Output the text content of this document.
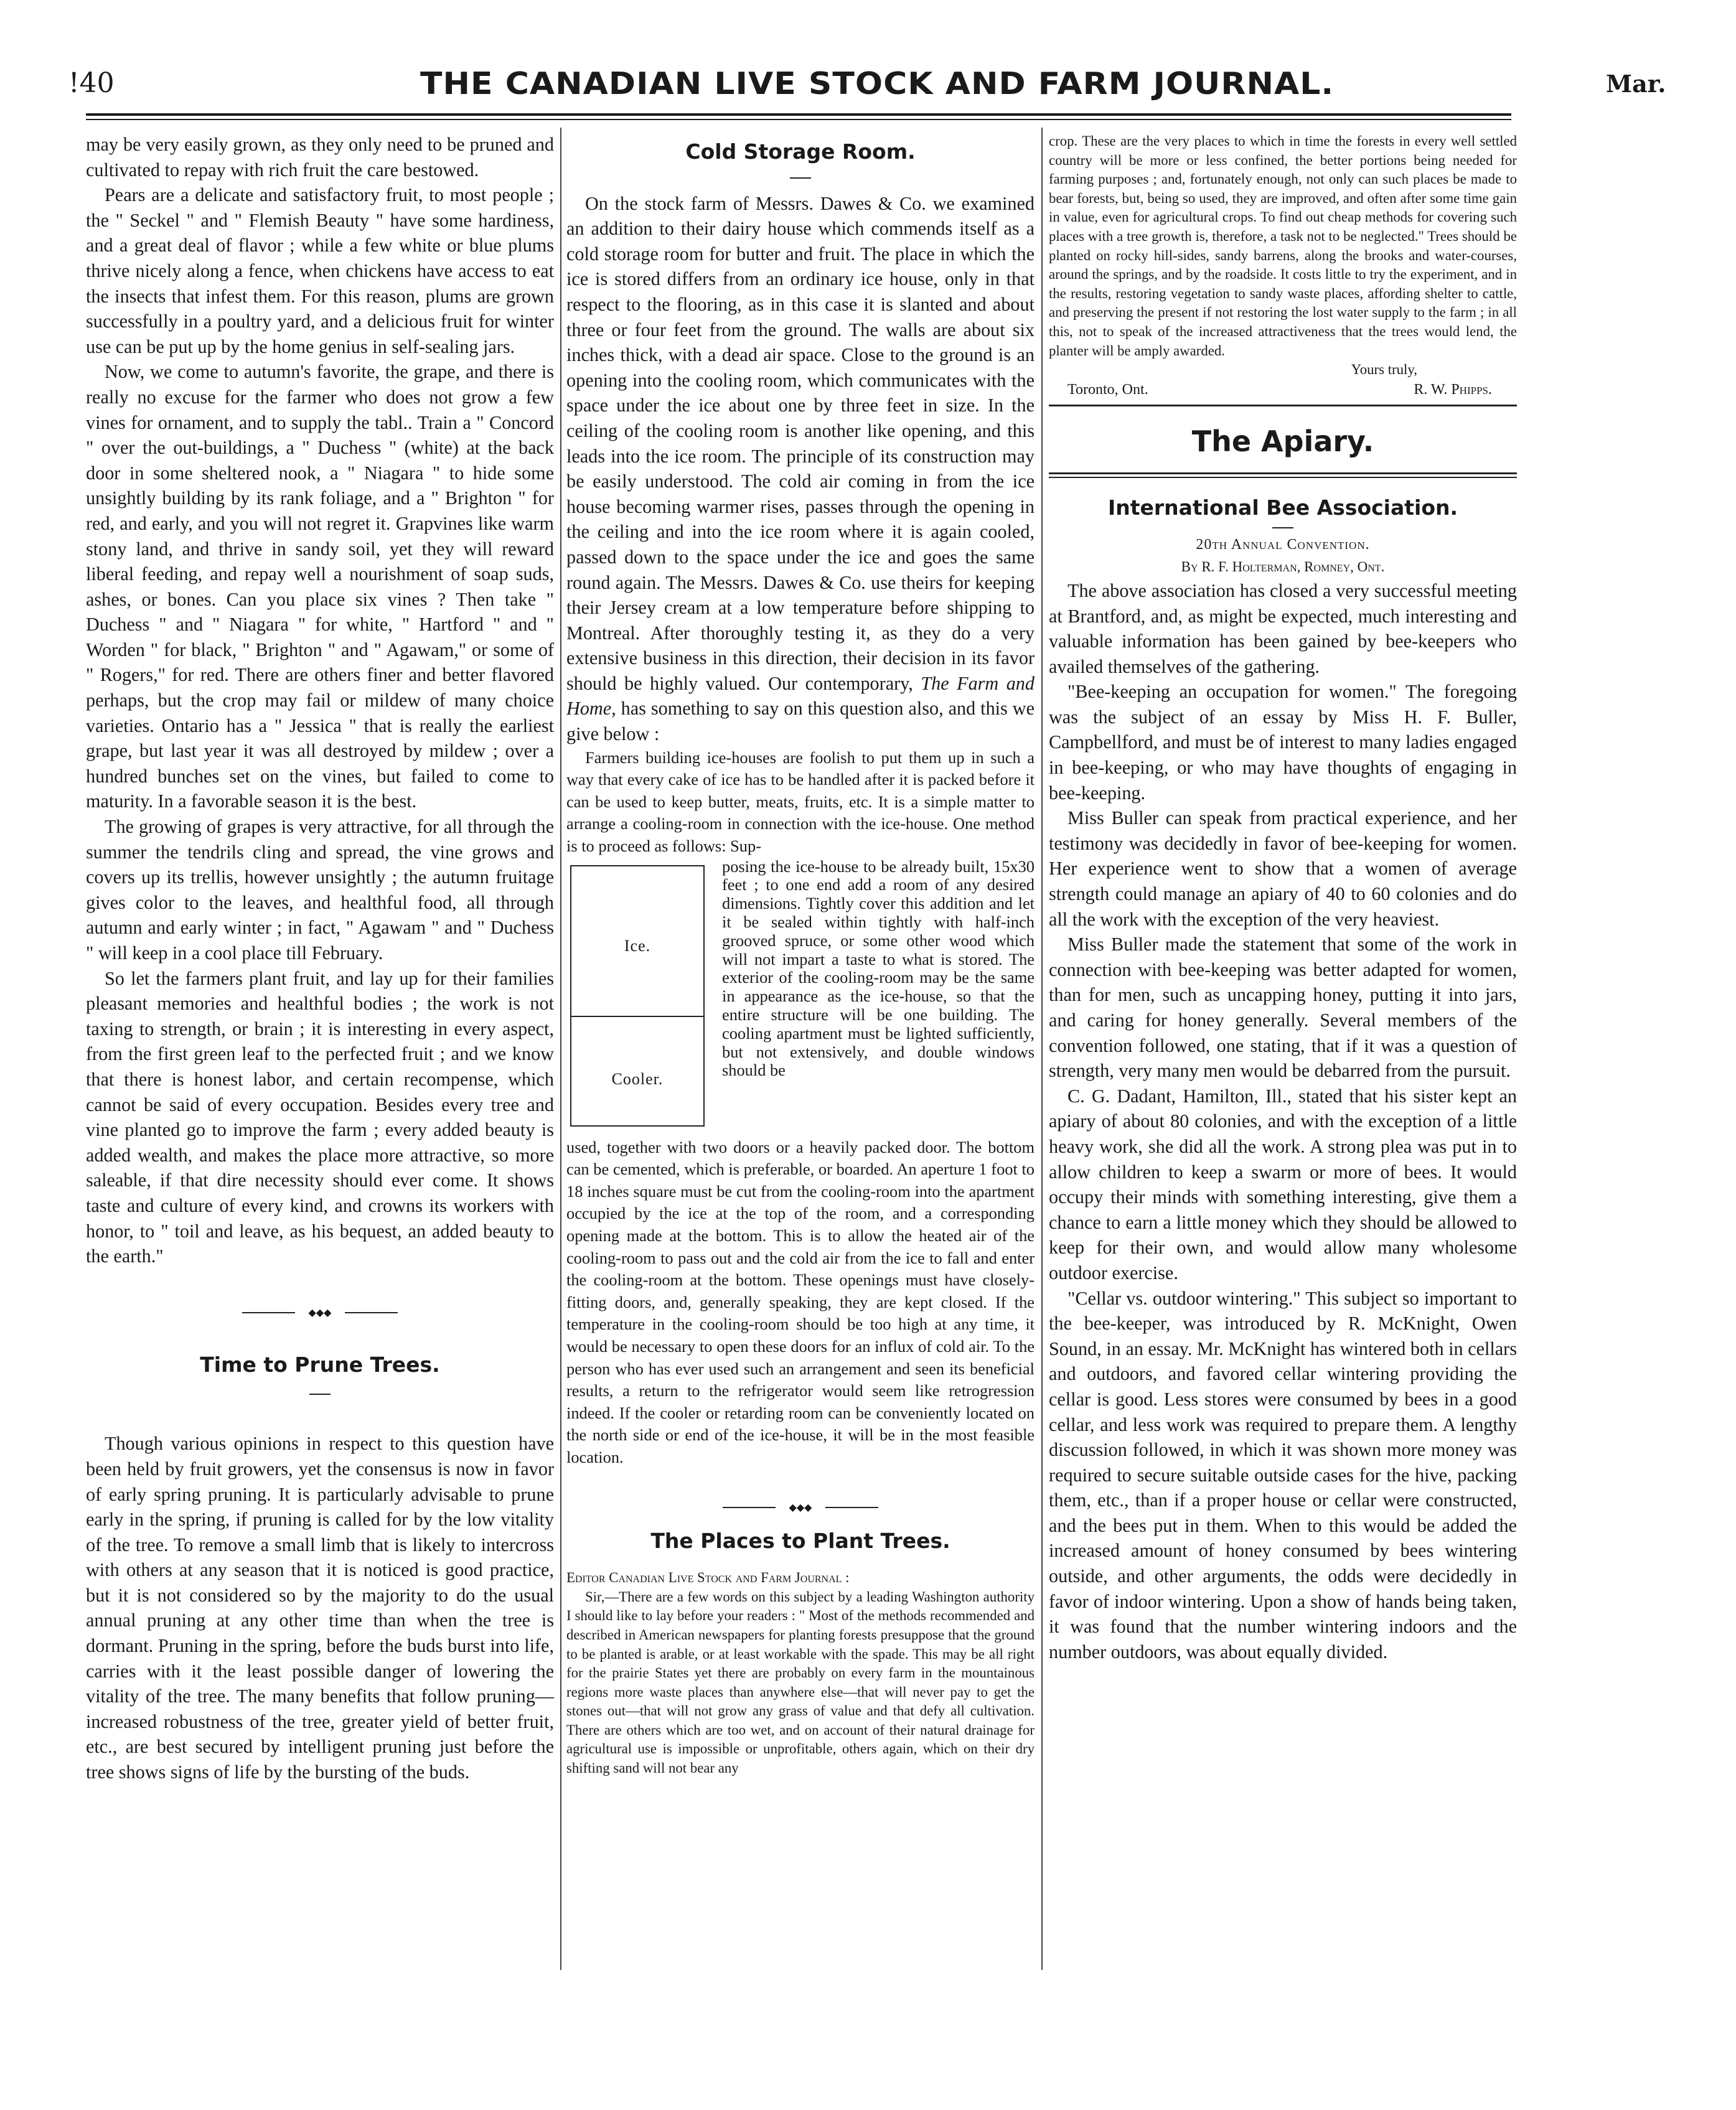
!40	THE CANADIAN LIVE STOCK AND FARM JOURNAL.	Mar.

may be very easily grown, as they only need to be pruned and cultivated to repay with rich fruit the care bestowed.

Pears are a delicate and satisfactory fruit, to most people ; the " Seckel " and " Flemish Beauty " have some hardiness, and a great deal of flavor ; while a few white or blue plums thrive nicely along a fence, when chickens have access to eat the insects that infest them. For this reason, plums are grown successfully in a poultry yard, and a delicious fruit for winter use can be put up by the home genius in self-sealing jars.

Now, we come to autumn's favorite, the grape, and there is really no excuse for the farmer who does not grow a few vines for ornament, and to supply the tabl.. Train a " Concord " over the out-buildings, a " Duchess " (white) at the back door in some sheltered nook, a " Niagara " to hide some unsightly building by its rank foliage, and a " Brighton " for red, and early, and you will not regret it. Grapvines like warm stony land, and thrive in sandy soil, yet they will reward liberal feeding, and repay well a nourishment of soap suds, ashes, or bones. Can you place six vines ? Then take " Duchess " and " Niagara " for white, " Hartford " and " Worden " for black, " Brighton " and " Agawam," or some of " Rogers," for red. There are others finer and better flavored perhaps, but the crop may fail or mildew of many choice varieties. Ontario has a " Jessica " that is really the earliest grape, but last year it was all destroyed by mildew ; over a hundred bunches set on the vines, but failed to come to maturity. In a favorable season it is the best.

The growing of grapes is very attractive, for all through the summer the tendrils cling and spread, the vine grows and covers up its trellis, however unsightly ; the autumn fruitage gives color to the leaves, and healthful food, all through autumn and early winter ; in fact, " Agawam " and " Duchess " will keep in a cool place till February.

So let the farmers plant fruit, and lay up for their families pleasant memories and healthful bodies ; the work is not taxing to strength, or brain ; it is interesting in every aspect, from the first green leaf to the perfected fruit ; and we know that there is honest labor, and certain recompense, which cannot be said of every occupation. Besides every tree and vine planted go to improve the farm ; every added beauty is added wealth, and makes the place more attractive, so more saleable, if that dire necessity should ever come. It shows taste and culture of every kind, and crowns its workers with honor, to " toil and leave, as his bequest, an added beauty to the earth."

◆◆◆

Time to Prune Trees.

Though various opinions in respect to this question have been held by fruit growers, yet the consensus is now in favor of early spring pruning. It is particularly advisable to prune early in the spring, if pruning is called for by the low vitality of the tree. To remove a small limb that is likely to intercross with others at any season that it is noticed is good practice, but it is not considered so by the majority to do the usual annual pruning at any other time than when the tree is dormant. Pruning in the spring, before the buds burst into life, carries with it the least possible danger of lowering the vitality of the tree. The many benefits that follow pruning—increased robustness of the tree, greater yield of better fruit, etc., are best secured by intelligent pruning just before the tree shows signs of life by the bursting of the buds.

Cold Storage Room.

On the stock farm of Messrs. Dawes & Co. we examined an addition to their dairy house which commends itself as a cold storage room for butter and fruit. The place in which the ice is stored differs from an ordinary ice house, only in that respect to the flooring, as in this case it is slanted and about three or four feet from the ground. The walls are about six inches thick, with a dead air space. Close to the ground is an opening into the cooling room, which communicates with the space under the ice about one by three feet in size. In the ceiling of the cooling room is another like opening, and this leads into the ice room. The principle of its construction may be easily understood. The cold air coming in from the ice house becoming warmer rises, passes through the opening in the ceiling and into the ice room where it is again cooled, passed down to the space under the ice and goes the same round again. The Messrs. Dawes & Co. use theirs for keeping their Jersey cream at a low temperature before shipping to Montreal. After thoroughly testing it, as they do a very extensive business in this direction, their decision in its favor should be highly valued. Our contemporary, The Farm and Home, has something to say on this question also, and this we give below :

Farmers building ice-houses are foolish to put them up in such a way that every cake of ice has to be handled after it is packed before it can be used to keep butter, meats, fruits, etc. It is a simple matter to arrange a cooling-room in connection with the ice-house. One method is to proceed as follows: Sup-

Ice.
Cooler.
posing the ice-house to be already built, 15x30 feet ; to one end add a room of any desired dimensions. Tightly cover this addition and let it be sealed within tightly with half-inch grooved spruce, or some other wood which will not impart a taste to what is stored. The exterior of the cooling-room may be the same in appearance as the ice-house, so that the entire structure will be one building. The cooling apartment must be lighted sufficiently, but not extensively, and double windows should be

used, together with two doors or a heavily packed door. The bottom can be cemented, which is preferable, or boarded. An aperture 1 foot to 18 inches square must be cut from the cooling-room into the apartment occupied by the ice at the top of the room, and a corresponding opening made at the bottom. This is to allow the heated air of the cooling-room to pass out and the cold air from the ice to fall and enter the cooling-room at the bottom. These openings must have closely-fitting doors, and, generally speaking, they are kept closed. If the temperature in the cooling-room should be too high at any time, it would be necessary to open these doors for an influx of cold air. To the person who has ever used such an arrangement and seen its beneficial results, a return to the refrigerator would seem like retrogression indeed. If the cooler or retarding room can be conveniently located on the north side or end of the ice-house, it will be in the most feasible location.

◆◆◆

The Places to Plant Trees.

Editor Canadian Live Stock and Farm Journal :

Sir,—There are a few words on this subject by a leading Washington authority I should like to lay before your readers : " Most of the methods recommended and described in American newspapers for planting forests presuppose that the ground to be planted is arable, or at least workable with the spade. This may be all right for the prairie States yet there are probably on every farm in the mountainous regions more waste places than anywhere else—that will never pay to get the stones out—that will not grow any grass of value and that defy all cultivation. There are others which are too wet, and on account of their natural drainage for agricultural use is impossible or unprofitable, others again, which on their dry shifting sand will not bear any

crop. These are the very places to which in time the forests in every well settled country will be more or less confined, the better portions being needed for farming purposes ; and, fortunately enough, not only can such places be made to bear forests, but, being so used, they are improved, and often after some time gain in value, even for agricultural crops. To find out cheap methods for covering such places with a tree growth is, therefore, a task not to be neglected." Trees should be planted on rocky hill-sides, sandy barrens, along the brooks and water-courses, around the springs, and by the roadside. It costs little to try the experiment, and in the results, restoring vegetation to sandy waste places, affording shelter to cattle, and preserving the present if not restoring the lost water supply to the farm ; in all this, not to speak of the increased attractiveness that the trees would lend, the planter will be amply awarded.

Yours truly,

Toronto, Ont.	R. W. Phipps.

The Apiary.

International Bee Association.

20th Annual Convention.

By R. F. Holterman, Romney, Ont.

The above association has closed a very successful meeting at Brantford, and, as might be expected, much interesting and valuable information has been gained by bee-keepers who availed themselves of the gathering.

"Bee-keeping an occupation for women." The foregoing was the subject of an essay by Miss H. F. Buller, Campbellford, and must be of interest to many ladies engaged in bee-keeping, or who may have thoughts of engaging in bee-keeping.

Miss Buller can speak from practical experience, and her testimony was decidedly in favor of bee-keeping for women. Her experience went to show that a women of average strength could manage an apiary of 40 to 60 colonies and do all the work with the exception of the very heaviest.

Miss Buller made the statement that some of the work in connection with bee-keeping was better adapted for women, than for men, such as uncapping honey, putting it into jars, and caring for honey generally. Several members of the convention followed, one stating, that if it was a question of strength, very many men would be debarred from the pursuit.

C. G. Dadant, Hamilton, Ill., stated that his sister kept an apiary of about 80 colonies, and with the exception of a little heavy work, she did all the work. A strong plea was put in to allow children to keep a swarm or more of bees. It would occupy their minds with something interesting, give them a chance to earn a little money which they should be allowed to keep for their own, and would allow many wholesome outdoor exercise.

"Cellar vs. outdoor wintering." This subject so important to the bee-keeper, was introduced by R. McKnight, Owen Sound, in an essay. Mr. McKnight has wintered both in cellars and outdoors, and favored cellar wintering providing the cellar is good. Less stores were consumed by bees in a good cellar, and less work was required to prepare them. A lengthy discussion followed, in which it was shown more money was required to secure suitable outside cases for the hive, packing them, etc., than if a proper house or cellar were constructed, and the bees put in them. When to this would be added the increased amount of honey consumed by bees wintering outside, and other arguments, the odds were decidedly in favor of indoor wintering. Upon a show of hands being taken, it was found that the number wintering indoors and the number outdoors, was about equally divided.
